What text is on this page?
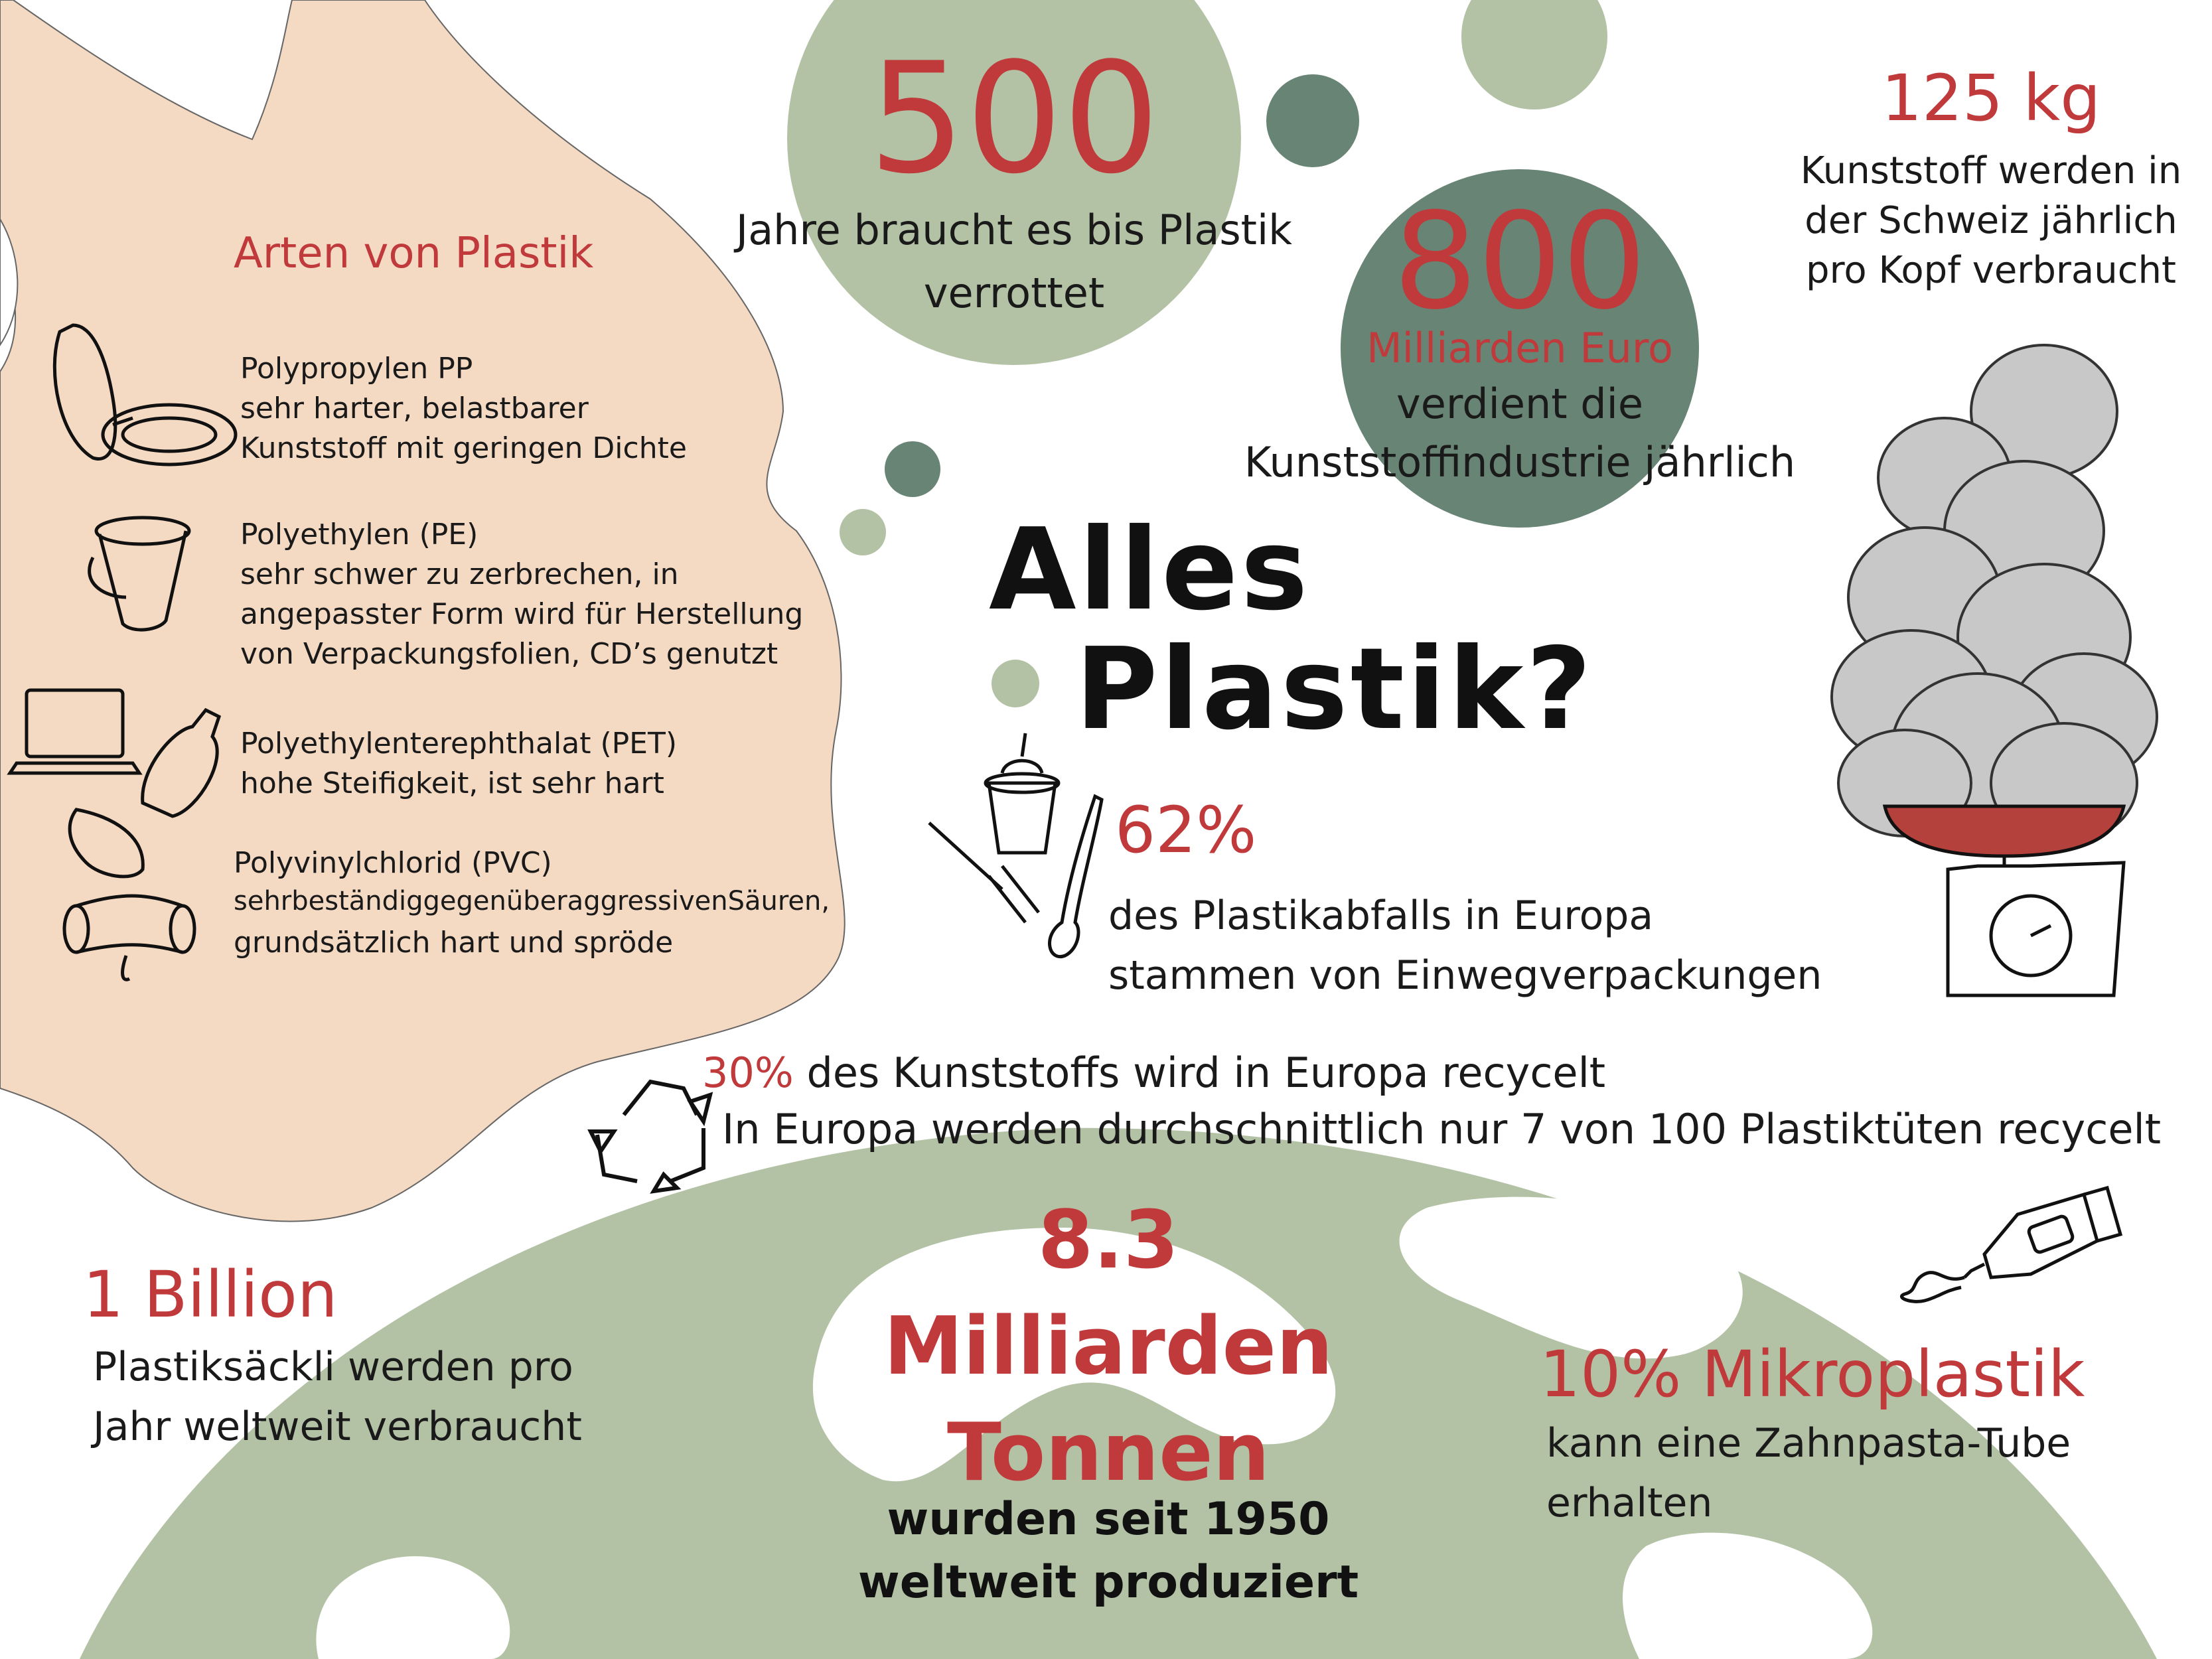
Arten von Plastik
Polypropylen PP
sehr harter, belastbarer
Kunststoff mit geringen Dichte
Polyethylen (PE)
sehr schwer zu zerbrechen, in
angepasster Form wird für Herstellung
von Verpackungsfolien, CD’s genutzt
Polyethylenterephthalat (PET)
hohe Steifigkeit, ist sehr hart
Polyvinylchlorid (PVC)
sehrbeständiggegenüberaggressivenSäuren,
grundsätzlich hart und spröde
500
Jahre braucht es bis Plastik
verrottet	800
Milliarden Euro
verdient die
Kunststoffindustrie jährlich
125 kg
Kunststoff werden in
der Schweiz jährlich
pro Kopf verbraucht
Alles
Plastik?
62%
des Plastikabfalls in Europa
stammen von Einwegverpackungen
30% des Kunststoffs wird in Europa recycelt
In Europa werden durchschnittlich nur 7 von 100 Plastiktüten recycelt
1 Billion
Plastiksäckli werden pro
Jahr weltweit verbraucht
8.3
Milliarden
Tonnen
wurden seit 1950
weltweit produziert
10% Mikroplastik
kann eine Zahnpasta-Tube
erhalten
